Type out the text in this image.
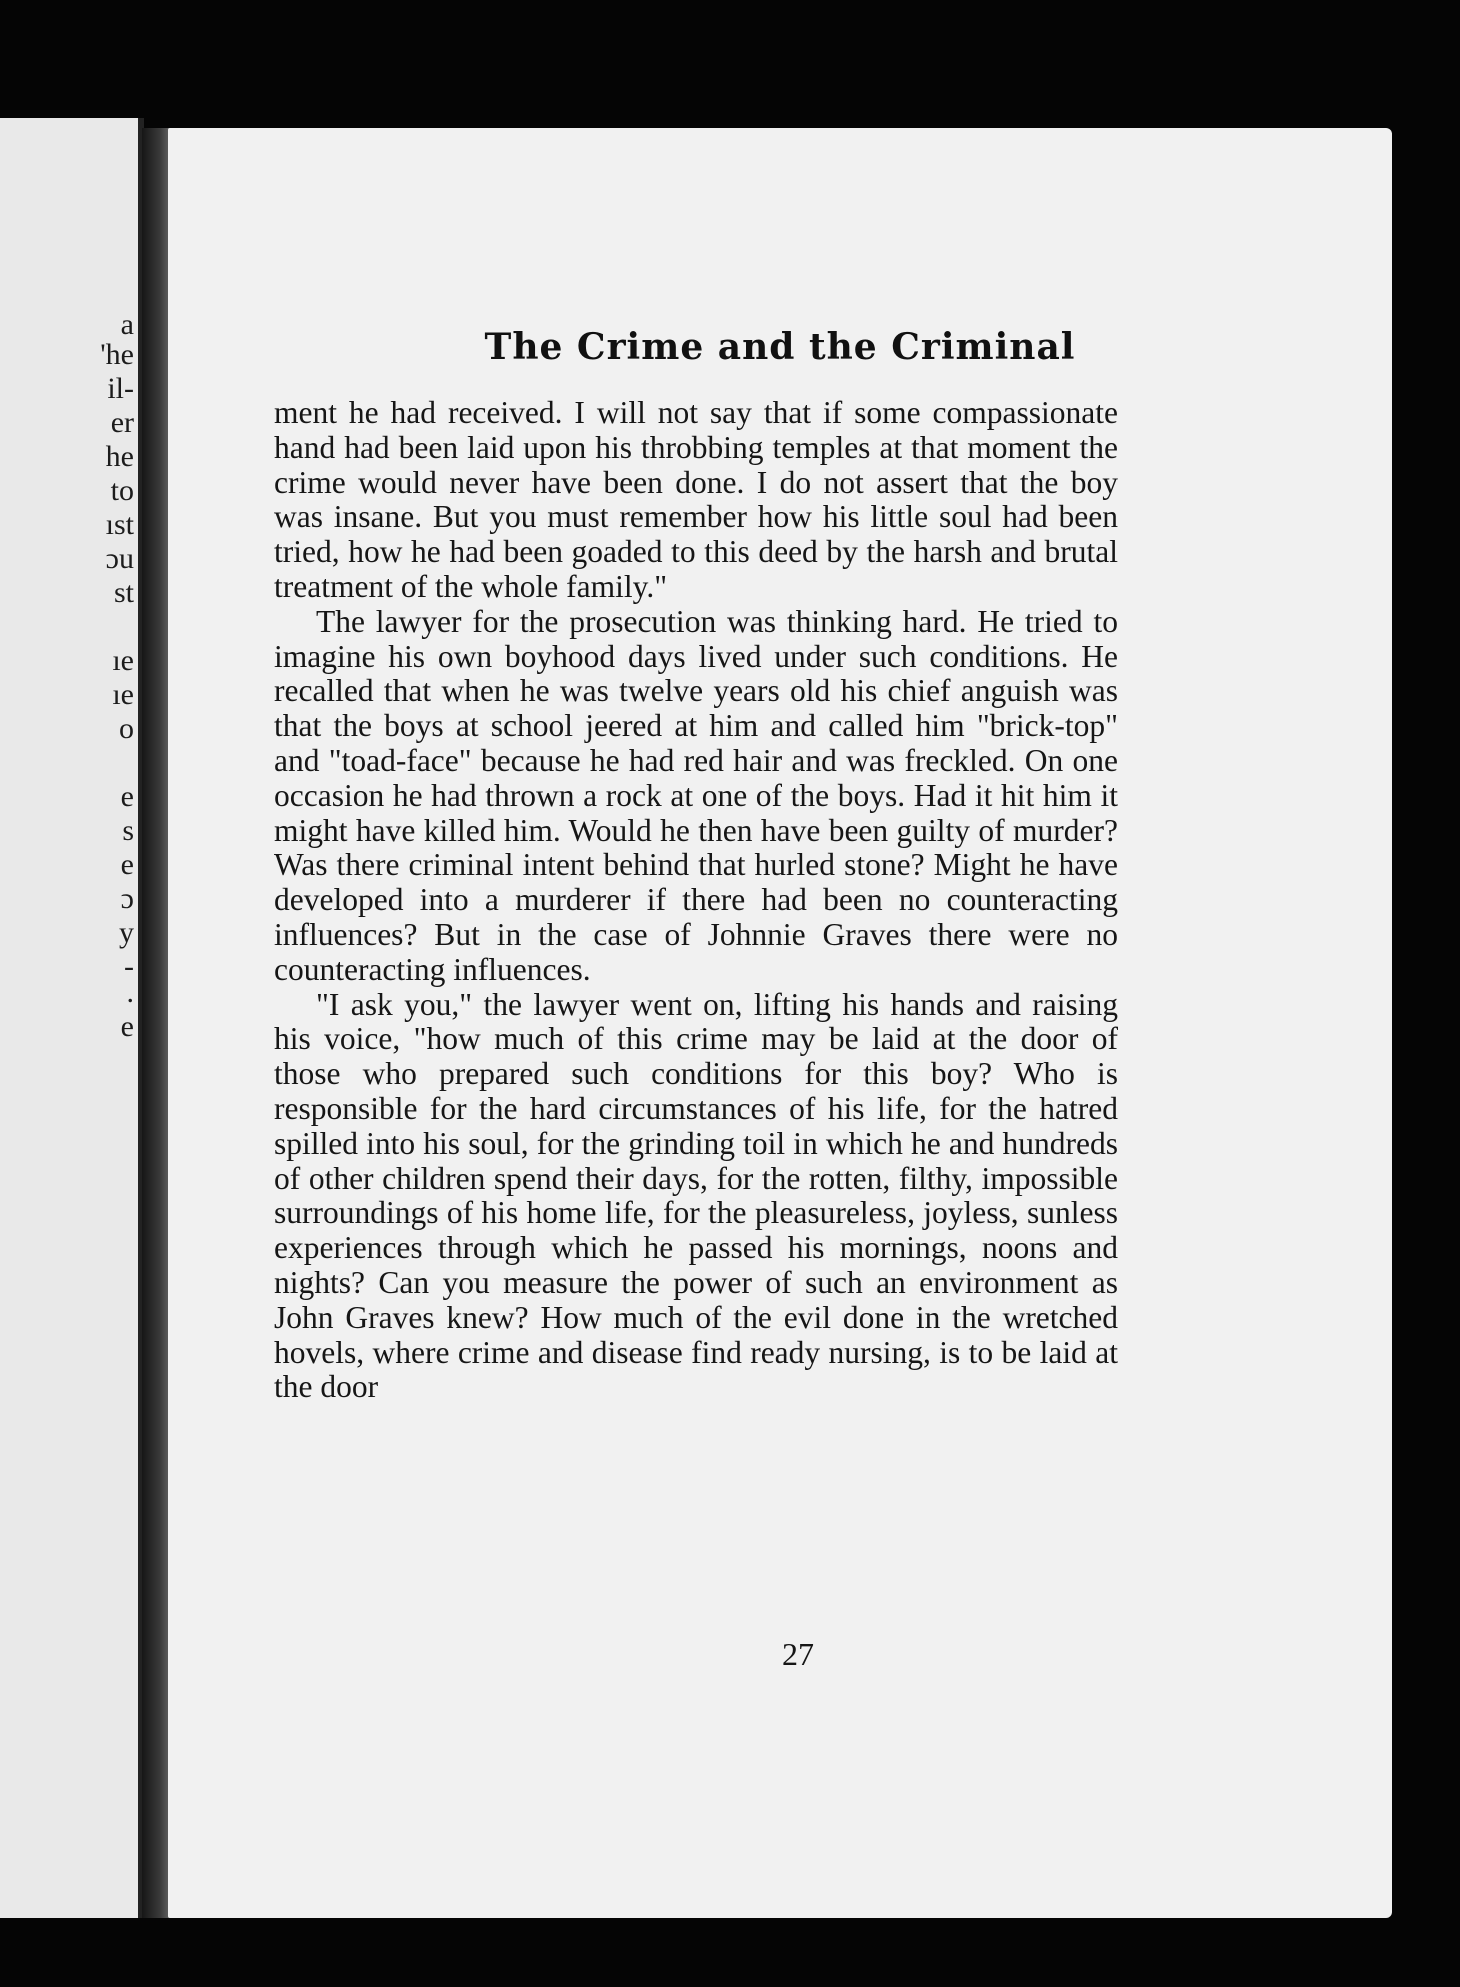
a
'he
il-
er
he
to
ıst
ɔu
st
ıe
ıe
o
e
s
e
ɔ
y
-
.
e
The Crime and the Criminal

ment he had received. I will not say that if some compassionate hand had been laid upon his throbbing temples at that moment the crime would never have been done. I do not assert that the boy was insane. But you must remember how his little soul had been tried, how he had been goaded to this deed by the harsh and brutal treatment of the whole family."

The lawyer for the prosecution was thinking hard. He tried to imagine his own boyhood days lived under such conditions. He recalled that when he was twelve years old his chief anguish was that the boys at school jeered at him and called him "brick-top" and "toad-face" because he had red hair and was freckled. On one occasion he had thrown a rock at one of the boys. Had it hit him it might have killed him. Would he then have been guilty of murder? Was there criminal intent behind that hurled stone? Might he have developed into a murderer if there had been no counteracting influences? But in the case of Johnnie Graves there were no counteracting influences.

"I ask you," the lawyer went on, lifting his hands and raising his voice, "how much of this crime may be laid at the door of those who prepared such conditions for this boy? Who is responsible for the hard circumstances of his life, for the hatred spilled into his soul, for the grinding toil in which he and hundreds of other children spend their days, for the rotten, filthy, impossible surroundings of his home life, for the pleasureless, joyless, sunless experiences through which he passed his mornings, noons and nights? Can you measure the power of such an environment as John Graves knew? How much of the evil done in the wretched hovels, where crime and disease find ready nursing, is to be laid at the door

27
